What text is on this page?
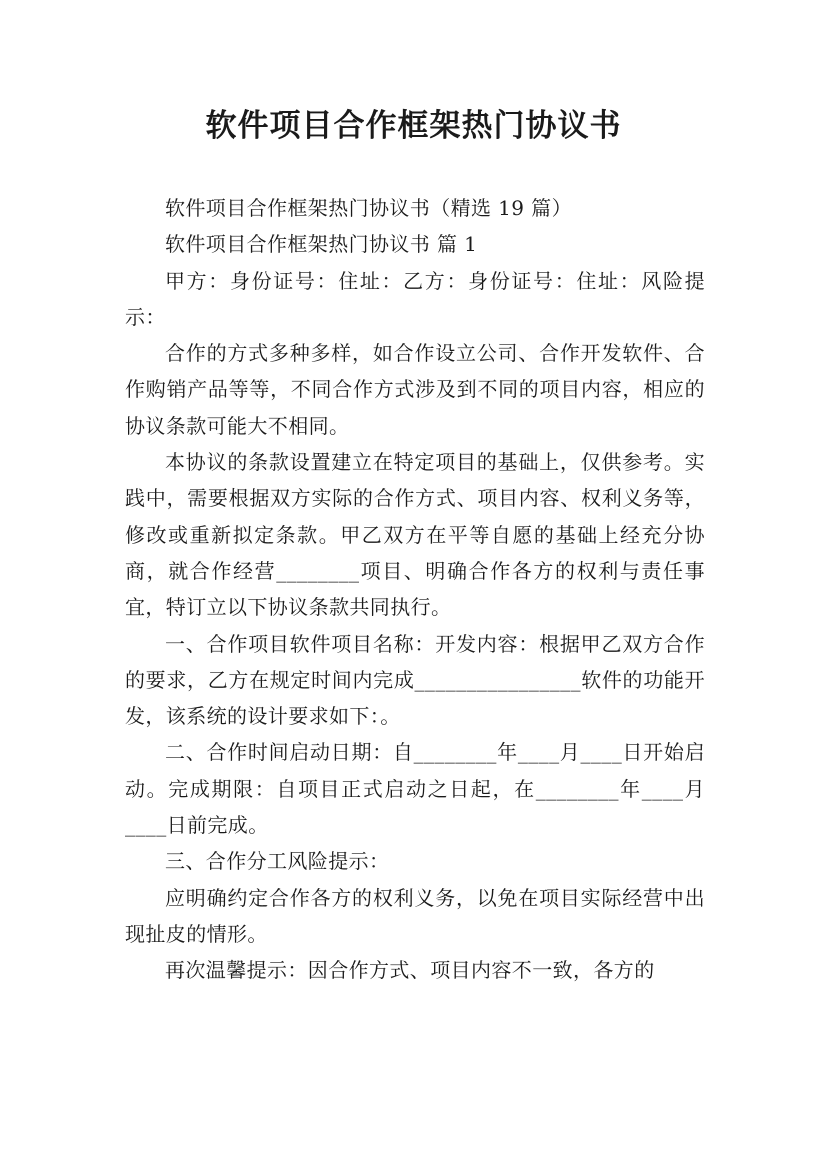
软件项目合作框架热门协议书

软件项目合作框架热门协议书（精选 19 篇）

软件项目合作框架热门协议书 篇 1

甲方：身份证号：住址：乙方：身份证号：住址：风险提示：

合作的方式多种多样，如合作设立公司、合作开发软件、合作购销产品等等，不同合作方式涉及到不同的项目内容，相应的协议条款可能大不相同。

本协议的条款设置建立在特定项目的基础上，仅供参考。实践中，需要根据双方实际的合作方式、项目内容、权利义务等，修改或重新拟定条款。甲乙双方在平等自愿的基础上经充分协商，就合作经营________项目、明确合作各方的权利与责任事宜，特订立以下协议条款共同执行。

一、合作项目软件项目名称：开发内容：根据甲乙双方合作的要求，乙方在规定时间内完成________________软件的功能开发，该系统的设计要求如下：。

二、合作时间启动日期：自________年____月____日开始启动。完成期限：自项目正式启动之日起，在________年____月____日前完成。

三、合作分工风险提示：

应明确约定合作各方的权利义务，以免在项目实际经营中出现扯皮的情形。

再次温馨提示：因合作方式、项目内容不一致，各方的
